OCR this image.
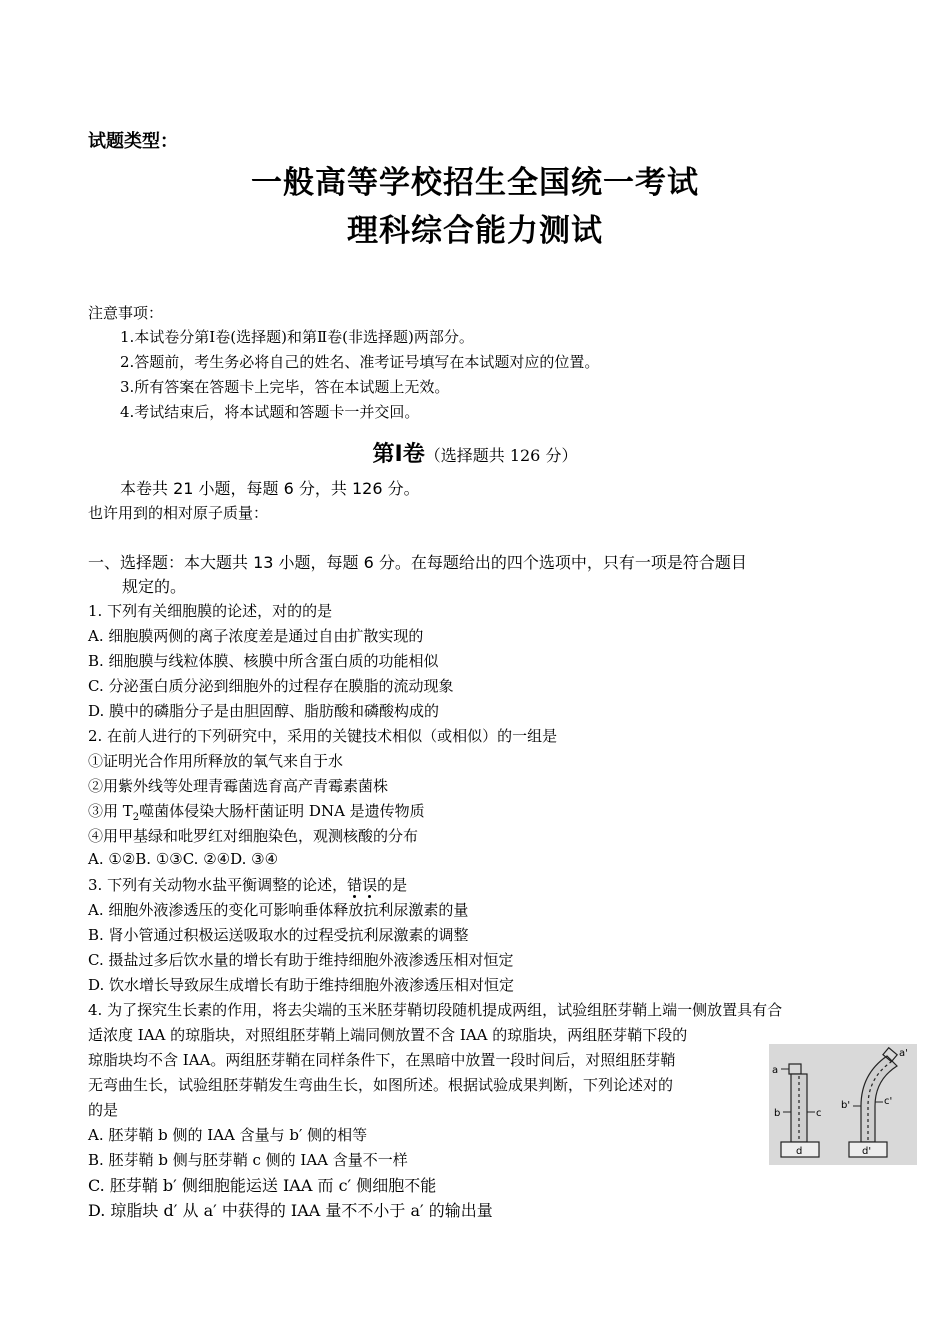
试题类型：
一般高等学校招生全国统一考试
理科综合能力测试
注意事项：
1.本试卷分第Ⅰ卷(选择题)和第Ⅱ卷(非选择题)两部分。
2.答题前，考生务必将自己的姓名、准考证号填写在本试题对应的位置。
3.所有答案在答题卡上完毕，答在本试题上无效。
4.考试结束后，将本试题和答题卡一并交回。
第Ⅰ卷（选择题共 126 分）
本卷共 21 小题，每题 6 分，共 126 分。
也许用到的相对原子质量：
一、选择题：本大题共 13 小题，每题 6 分。在每题给出的四个选项中，只有一项是符合题目
规定的。
1. 下列有关细胞膜的论述，对的的是
A. 细胞膜两侧的离子浓度差是通过自由扩散实现的
B. 细胞膜与线粒体膜、核膜中所含蛋白质的功能相似
C. 分泌蛋白质分泌到细胞外的过程存在膜脂的流动现象
D. 膜中的磷脂分子是由胆固醇、脂肪酸和磷酸构成的
2. 在前人进行的下列研究中，采用的关键技术相似（或相似）的一组是
①证明光合作用所释放的氧气来自于水
②用紫外线等处理青霉菌选育高产青霉素菌株
③用 $T_2$噬菌体侵染大肠杆菌证明 DNA 是遗传物质
④用甲基绿和吡罗红对细胞染色，观测核酸的分布
A. ①②B. ①③C. ②④D. ③④
3. 下列有关动物水盐平衡调整的论述，错误的是
A. 细胞外液渗透压的变化可影响垂体释放抗利尿激素的量
B. 肾小管通过积极运送吸取水的过程受抗利尿激素的调整
C. 摄盐过多后饮水量的增长有助于维持细胞外液渗透压相对恒定
D. 饮水增长导致尿生成增长有助于维持细胞外液渗透压相对恒定
4. 为了探究生长素的作用，将去尖端的玉米胚芽鞘切段随机提成两组，试验组胚芽鞘上端一侧放置具有合
适浓度 IAA 的琼脂块，对照组胚芽鞘上端同侧放置不含 IAA 的琼脂块，两组胚芽鞘下段的
琼脂块均不含 IAA。两组胚芽鞘在同样条件下，在黑暗中放置一段时间后，对照组胚芽鞘
无弯曲生长，试验组胚芽鞘发生弯曲生长，如图所述。根据试验成果判断，下列论述对的
的是
A. 胚芽鞘 b 侧的 IAA 含量与 b′ 侧的相等
B. 胚芽鞘 b 侧与胚芽鞘 c 侧的 IAA 含量不一样
C. 胚芽鞘 b′ 侧细胞能运送 IAA 而 c′ 侧细胞不能
D. 琼脂块 d′ 从 a′ 中获得的 IAA 量不不小于 a′ 的输出量
a
b	c
d
a'
b'	c'
d'
